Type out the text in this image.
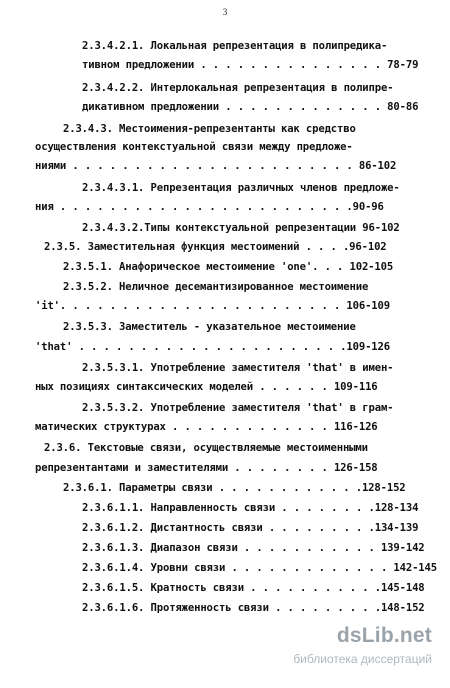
3
2.3.4.2.1. Локальная репрезентация в полипредика-
тивном предложении . . . . . . . . . . . . . . . 78-79
2.3.4.2.2. Интерлокальная репрезентация в полипре-
дикативном предложении . . . . . . . . . . . . . 80-86
2.3.4.3. Местоимения-репрезентанты как средство
осуществления контекстуальной связи между предложе-
ниями . . . . . . . . . . . . . . . . . . . . . . . 86-102
2.3.4.3.1. Репрезентация различных членов предложе-
ния . . . . . . . . . . . . . . . . . . . . . . . .90-96
2.3.4.3.2.Типы контекстуальной репрезентации 96-102
2.3.5. Заместительная функция местоимений . . . .96-102
2.3.5.1. Анафорическое местоимение 'one'. . . 102-105
2.3.5.2. Неличное десемантизированное местоимение
'it'. . . . . . . . . . . . . . . . . . . . . . . 106-109
2.3.5.3. Заместитель - указательное местоимение
'that' . . . . . . . . . . . . . . . . . . . . . .109-126
2.3.5.3.1. Употребление заместителя 'that' в имен-
ных позициях синтаксических моделей . . . . . . 109-116
2.3.5.3.2. Употребление заместителя 'that' в грам-
матических структурах . . . . . . . . . . . . . 116-126
2.3.6. Текстовые связи, осуществляемые местоименными
репрезентантами и заместителями . . . . . . . . 126-158
2.3.6.1. Параметры связи . . . . . . . . . . . .128-152
2.3.6.1.1. Направленность связи . . . . . . . .128-134
2.3.6.1.2. Дистантность связи . . . . . . . . .134-139
2.3.6.1.3. Диапазон связи . . . . . . . . . . . 139-142
2.3.6.1.4. Уровни связи . . . . . . . . . . . . . 142-145
2.3.6.1.5. Кратность связи . . . . . . . . . . .145-148
2.3.6.1.6. Протяженность связи . . . . . . . . .148-152
dsLib.net
библиотека диссертаций
